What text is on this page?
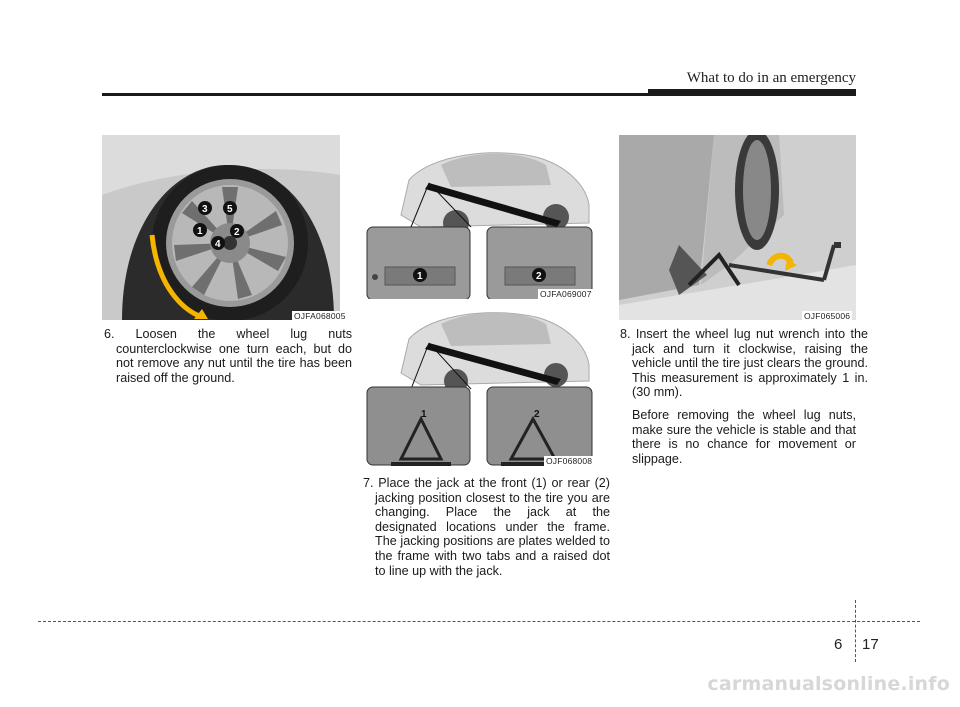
What to do in an emergency
3 5
1	2
4
OJFA068005

6. Loosen the wheel lug nuts counterclockwise one turn each, but do not remove any nut until the tire has been raised off the ground.

1	2
OJFA069007
1	2
OJF068008

7. Place the jack at the front (1) or rear (2) jacking position closest to the tire you are changing. Place the jack at the designated locations under the frame. The jacking positions are plates welded to the frame with two tabs and a raised dot to line up with the jack.

OJF065006

8. Insert the wheel lug nut wrench into the jack and turn it clockwise, raising the vehicle until the tire just clears the ground. This measurement is approximately 1 in. (30 mm).

Before removing the wheel lug nuts, make sure the vehicle is stable and that there is no chance for movement or slippage.

6 17
carmanualsonline.info
